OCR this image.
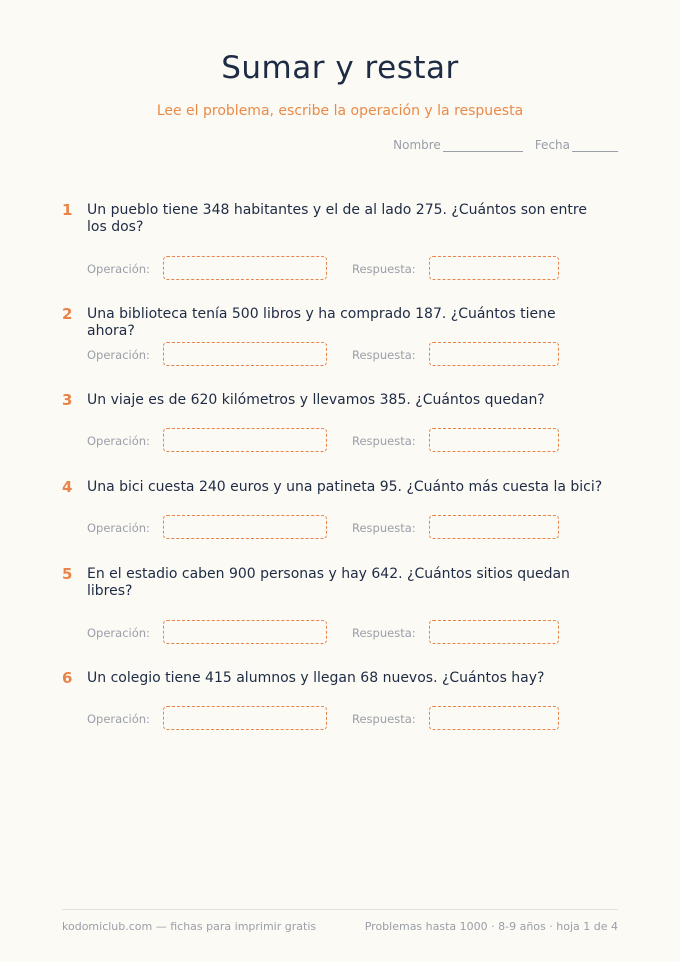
Sumar y restar

Lee el problema, escribe la operación y la respuesta

Nombre	Fecha
1	Un pueblo tiene 348 habitantes y el de al lado 275. ¿Cuántos son entre los dos?
Operación:	Respuesta:
2	Una biblioteca tenía 500 libros y ha comprado 187. ¿Cuántos tiene ahora?
Operación:	Respuesta:
3	Un viaje es de 620 kilómetros y llevamos 385. ¿Cuántos quedan?
Operación:	Respuesta:
4	Una bici cuesta 240 euros y una patineta 95. ¿Cuánto más cuesta la bici?
Operación:	Respuesta:
5	En el estadio caben 900 personas y hay 642. ¿Cuántos sitios quedan libres?
Operación:	Respuesta:
6	Un colegio tiene 415 alumnos y llegan 68 nuevos. ¿Cuántos hay?
Operación:	Respuesta:
kodomiclub.com — fichas para imprimir gratis	Problemas hasta 1000 · 8-9 años · hoja 1 de 4
